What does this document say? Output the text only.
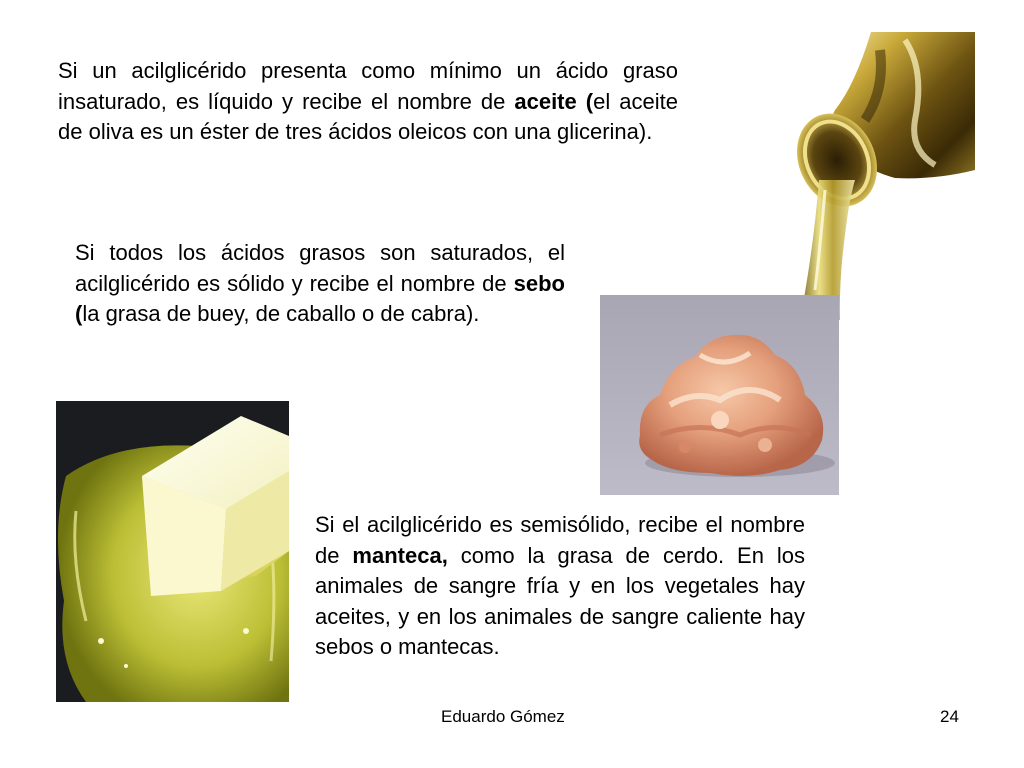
Si un acilglicérido presenta como mínimo un ácido graso insaturado, es líquido y recibe el nombre de aceite (el aceite de oliva es un éster de tres ácidos oleicos con una glicerina).

Si todos los ácidos grasos son saturados, el acilglicérido es sólido y recibe el nombre de sebo (la grasa de buey, de caballo o de cabra).

Si el acilglicérido es semisólido, recibe el nombre de manteca, como la grasa de cerdo. En los animales de sangre fría y en los vegetales hay aceites, y en los animales de sangre caliente hay sebos o mantecas.

Eduardo Gómez	24
